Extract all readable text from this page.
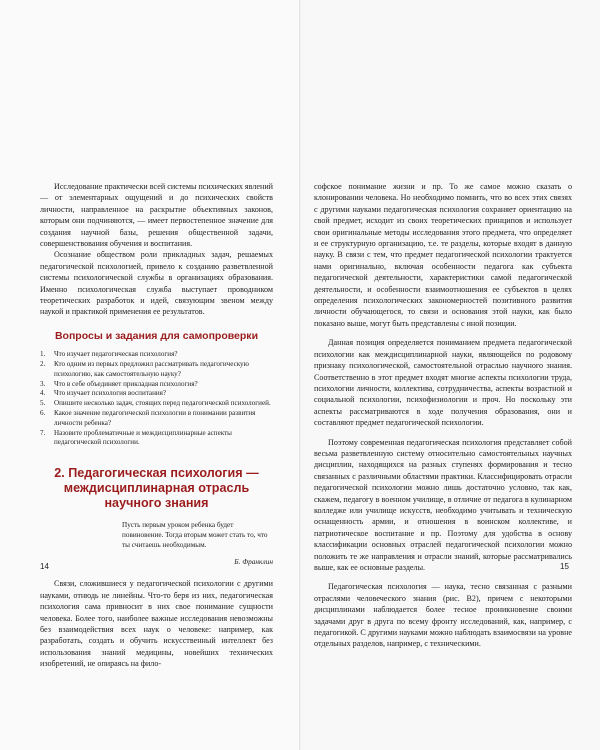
Исследование практически всей системы психических явлений — от элементарных ощущений и до психических свойств личности, направленное на раскрытие объективных законов, которым они подчиняются, — имеет первостепенное значение для создания научной базы, решения общественной задачи, совершенствования обучения и воспитания.

Осознание обществом роли прикладных задач, решаемых педагогической психологией, привело к созданию разветвленной системы психологической службы в организациях образования. Именно психологическая служба выступает проводником теоретических разработок и идей, связующим звеном между наукой и практикой применения ее результатов.

Вопросы и задания для самопроверки
1.	Что изучает педагогическая психология?
2.	Кто одним из первых предложил рассматривать педагогическую психологию, как самостоятельную науку?
3.	Что в себе объединяет прикладная психология?
4.	Что изучает психология воспитания?
5.	Опишите несколько задач, стоящих перед педагогической психологией.
6.	Какое значение педагогической психологии в понимании развития личности ребенка?
7.	Назовите проблематичные и междисциплинарные аспекты педагогической психологии.
2. Педагогическая психология —
междисциплинарная отрасль научного знания
Пусть первым уроком ребенка будет повиновение. Тогда вторым может стать то, что ты считаешь необходимым.
Б. Франклин

Связи, сложившиеся у педагогической психологии с другими науками, отнюдь не линейны. Что-то беря из них, педагогическая психология сама привносит в них свое понимание сущности человека. Более того, наиболее важные исследования невозможны без взаимодействия всех наук о человеке: например, как разработать, создать и обучить искусственный интеллект без использования знаний медицины, новейших технических изобретений, не опираясь на фило-

софское понимание жизни и пр. То же самое можно сказать о клонировании человека. Но необходимо помнить, что во всех этих связях с другими науками педагогическая психология сохраняет ориентацию на свой предмет, исходит из своих теоретических принципов и использует свои оригинальные методы исследования этого предмета, что определяет и ее структурную организацию, т.е. те разделы, которые входят в данную науку. В связи с тем, что предмет педагогической психологии трактуется нами оригинально, включая особенности педагога как субъекта педагогической деятельности, характеристики самой педагогической деятельности, и особенности взаимоотношения ее субъектов в целях определения психологических закономерностей позитивного развития личности обучающегося, то связи и основания этой науки, как было показано выше, могут быть представлены с иной позиции.

Данная позиция определяется пониманием предмета педагогической психологии как междисциплинарной науки, являющейся по родовому признаку психологической, самостоятельной отраслью научного знания. Соответственно в этот предмет входят многие аспекты психологии труда, психологии личности, коллектива, сотрудничества, аспекты возрастной и социальной психологии, психофизиологии и проч. Но поскольку эти аспекты рассматриваются в ходе получения образования, они и составляют предмет педагогической психологии.

Поэтому современная педагогическая психология представляет собой весьма разветвленную систему относительно самостоятельных научных дисциплин, находящихся на разных ступенях формирования и тесно связанных с различными областями практики. Классифицировать отрасли педагогической психологии можно лишь достаточно условно, так как, скажем, педагогу в военном училище, в отличие от педагога в кулинарном колледже или училище искусств, необходимо учитывать и техническую оснащенность армии, и отношения в воинском коллективе, и патриотическое воспитание и пр. Поэтому для удобства в основу классификации основных отраслей педагогической психологии можно положить те же направления и отрасли знаний, которые рассматривались выше, как ее основные разделы.

Педагогическая психология — наука, тесно связанная с разными отраслями человеческого знания (рис. В2), причем с некоторыми дисциплинами наблюдается более тесное проникновение своими задачами друг в друга по всему фронту исследований, как, например, с педагогикой. С другими науками можно наблюдать взаимосвязи на уровне отдельных разделов, например, с техническими.

14	15
